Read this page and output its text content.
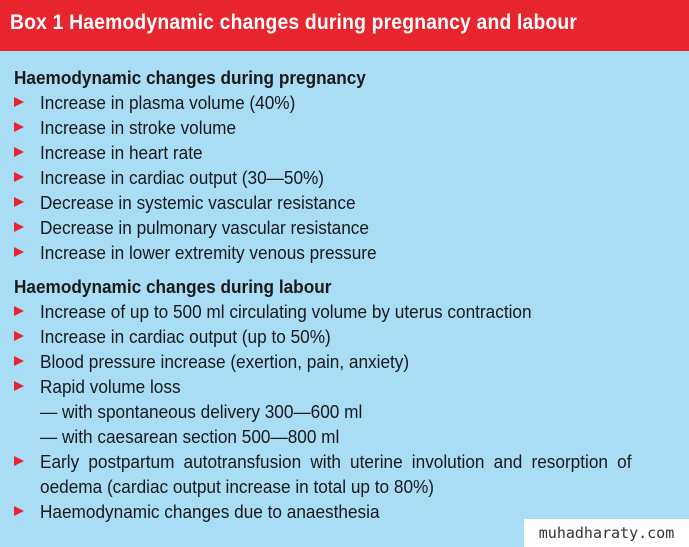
Box 1 Haemodynamic changes during pregnancy and labour
Haemodynamic changes during pregnancy
Increase in plasma volume (40%)
Increase in stroke volume
Increase in heart rate
Increase in cardiac output (30—50%)
Decrease in systemic vascular resistance
Decrease in pulmonary vascular resistance
Increase in lower extremity venous pressure
Haemodynamic changes during labour
Increase of up to 500 ml circulating volume by uterus contraction
Increase in cardiac output (up to 50%)
Blood pressure increase (exertion, pain, anxiety)
Rapid volume loss
— with spontaneous delivery 300—600 ml
— with caesarean section 500—800 ml
Early postpartum autotransfusion with uterine involution and resorption ofoedema (cardiac output increase in total up to 80%)
Haemodynamic changes due to anaesthesia
muhadharaty.com
